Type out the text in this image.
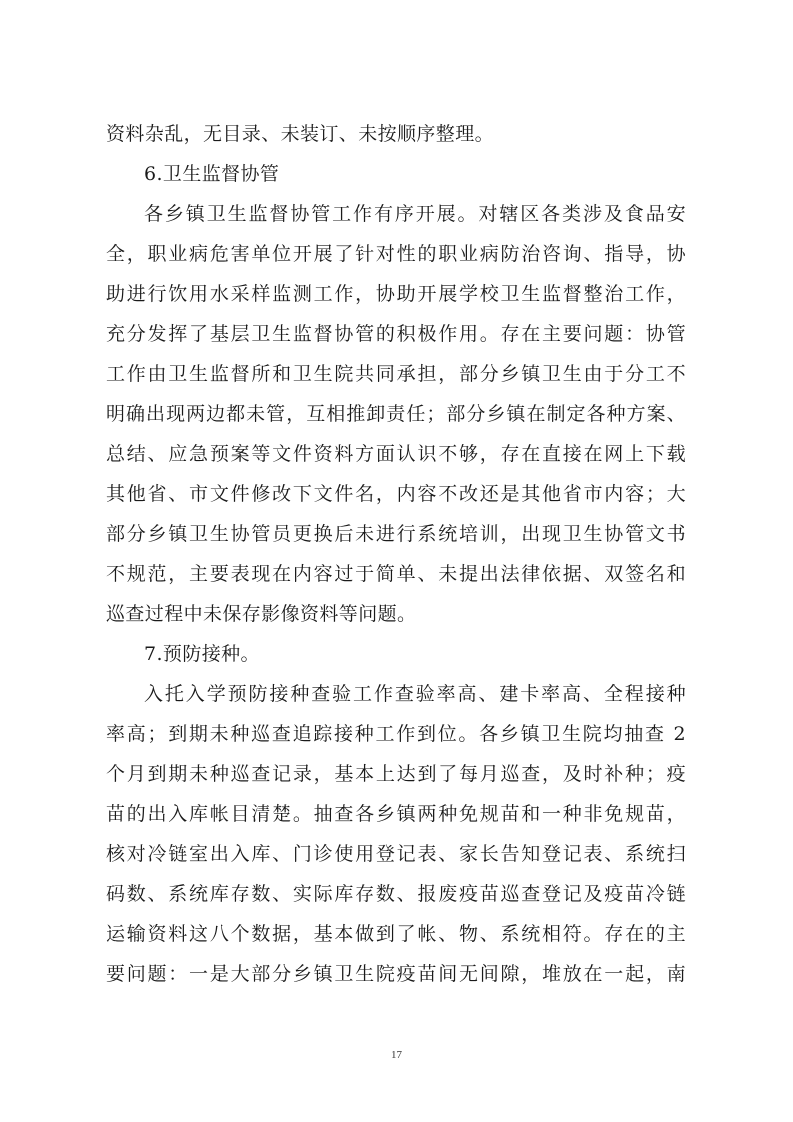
资料杂乱，无目录、未装订、未按顺序整理。
6.卫生监督协管
各乡镇卫生监督协管工作有序开展。对辖区各类涉及食品安
全，职业病危害单位开展了针对性的职业病防治咨询、指导，协
助进行饮用水采样监测工作，协助开展学校卫生监督整治工作，
充分发挥了基层卫生监督协管的积极作用。存在主要问题：协管
工作由卫生监督所和卫生院共同承担，部分乡镇卫生由于分工不
明确出现两边都未管，互相推卸责任；部分乡镇在制定各种方案、
总结、应急预案等文件资料方面认识不够，存在直接在网上下载
其他省、市文件修改下文件名，内容不改还是其他省市内容；大
部分乡镇卫生协管员更换后未进行系统培训，出现卫生协管文书
不规范，主要表现在内容过于简单、未提出法律依据、双签名和
巡查过程中未保存影像资料等问题。
7.预防接种。
入托入学预防接种查验工作查验率高、建卡率高、全程接种
率高；到期未种巡查追踪接种工作到位。各乡镇卫生院均抽查 2
个月到期未种巡查记录，基本上达到了每月巡查，及时补种；疫
苗的出入库帐目清楚。抽查各乡镇两种免规苗和一种非免规苗，
核对冷链室出入库、门诊使用登记表、家长告知登记表、系统扫
码数、系统库存数、实际库存数、报废疫苗巡查登记及疫苗冷链
运输资料这八个数据，基本做到了帐、物、系统相符。存在的主
要问题：一是大部分乡镇卫生院疫苗间无间隙，堆放在一起，南
17
